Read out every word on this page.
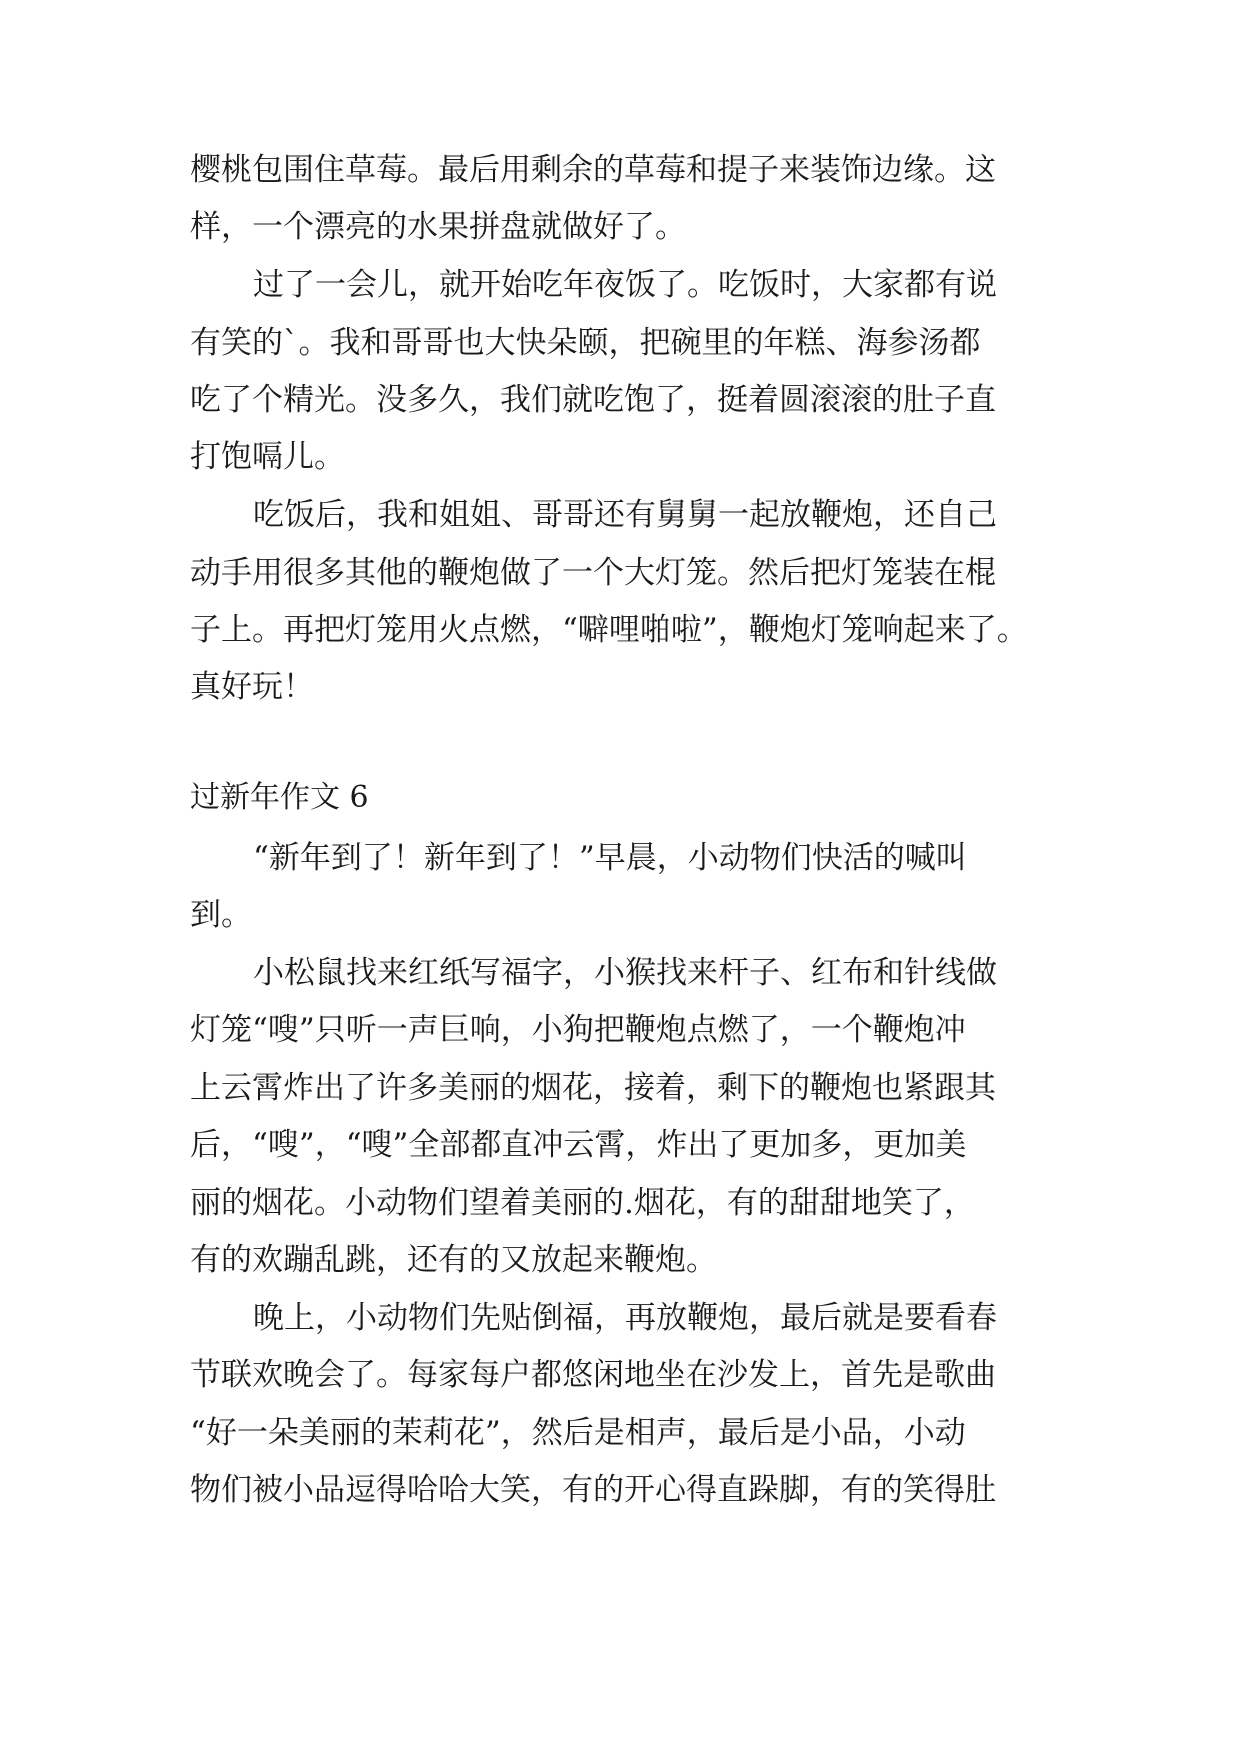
樱桃包围住草莓。最后用剩余的草莓和提子来装饰边缘。这
样，一个漂亮的水果拼盘就做好了。
过了一会儿，就开始吃年夜饭了。吃饭时，大家都有说
有笑的`。我和哥哥也大快朵颐，把碗里的年糕、海参汤都
吃了个精光。没多久，我们就吃饱了，挺着圆滚滚的肚子直
打饱嗝儿。
吃饭后，我和姐姐、哥哥还有舅舅一起放鞭炮，还自己
动手用很多其他的鞭炮做了一个大灯笼。然后把灯笼装在棍
子上。再把灯笼用火点燃，“噼哩啪啦”，鞭炮灯笼响起来了。
真好玩！
过新年作文 6
“新年到了！新年到了！”早晨，小动物们快活的喊叫
到。
小松鼠找来红纸写福字，小猴找来杆子、红布和针线做
灯笼“嗖”只听一声巨响，小狗把鞭炮点燃了，一个鞭炮冲
上云霄炸出了许多美丽的烟花，接着，剩下的鞭炮也紧跟其
后，“嗖”，“嗖”全部都直冲云霄，炸出了更加多，更加美
丽的烟花。小动物们望着美丽的.烟花，有的甜甜地笑了，
有的欢蹦乱跳，还有的又放起来鞭炮。
晚上，小动物们先贴倒福，再放鞭炮，最后就是要看春
节联欢晚会了。每家每户都悠闲地坐在沙发上，首先是歌曲
“好一朵美丽的茉莉花”，然后是相声，最后是小品，小动
物们被小品逗得哈哈大笑，有的开心得直跺脚，有的笑得肚
